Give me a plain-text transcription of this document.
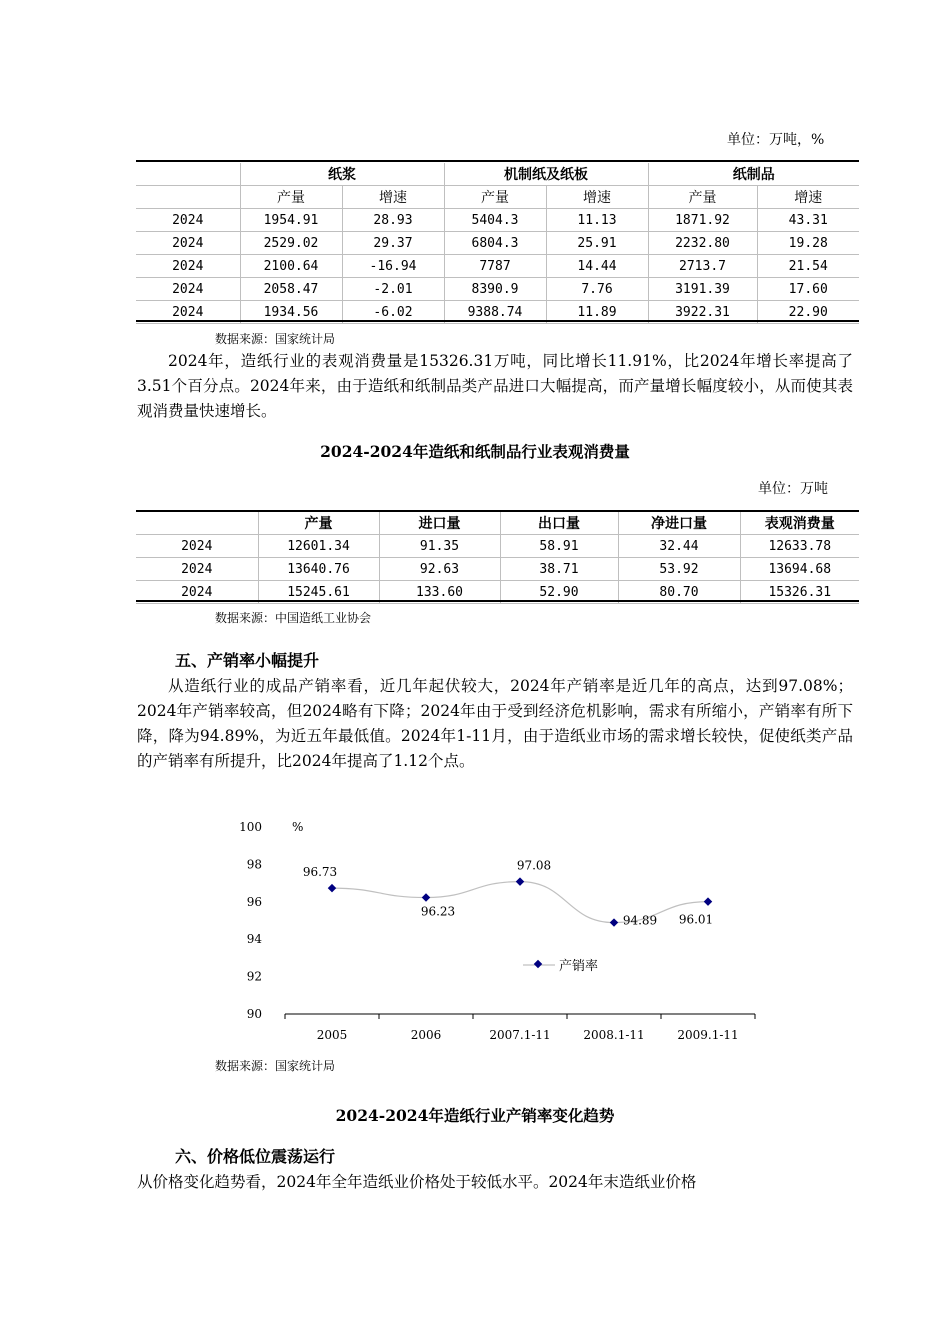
单位：万吨，%
	纸浆		机制纸及纸板		纸制品	
	产量	增速	产量	增速	产量	增速
2024	1954.91	28.93	5404.3	11.13	1871.92	43.31
2024	2529.02	29.37	6804.3	25.91	2232.80	19.28
2024	2100.64	-16.94	7787	14.44	2713.7	21.54
2024	2058.47	-2.01	8390.9	7.76	3191.39	17.60
2024	1934.56	-6.02	9388.74	11.89	3922.31	22.90
数据来源：国家统计局
2024年，造纸行业的表观消费量是15326.31万吨，同比增长11.91%，比2024年增长率提高了3.51个百分点。2024年来，由于造纸和纸制品类产品进口大幅提高，而产量增长幅度较小，从而使其表观消费量快速增长。
2024-2024年造纸和纸制品行业表观消费量
单位：万吨
	产量	进口量	出口量	净进口量	表观消费量
2024	12601.34	91.35	58.91	32.44	12633.78
2024	13640.76	92.63	38.71	53.92	13694.68
2024	15245.61	133.60	52.90	80.70	15326.31
数据来源：中国造纸工业协会
五、产销率小幅提升
从造纸行业的成品产销率看，近几年起伏较大，2024年产销率是近几年的高点，达到97.08%；2024年产销率较高，但2024略有下降；2024年由于受到经济危机影响，需求有所缩小，产销率有所下降，降为94.89%，为近五年最低值。2024年1-11月，由于造纸业市场的需求增长较快，促使纸类产品的产销率有所提升，比2024年提高了1.12个点。
%
100
98
96
94
92
90
2005	2006	2007.1-11	2008.1-11	2009.1-11
96.73
96.23
97.08
94.89 96.01
产销率
数据来源：国家统计局
2024-2024年造纸行业产销率变化趋势
六、价格低位震荡运行
从价格变化趋势看，2024年全年造纸业价格处于较低水平。2024年末造纸业价格
